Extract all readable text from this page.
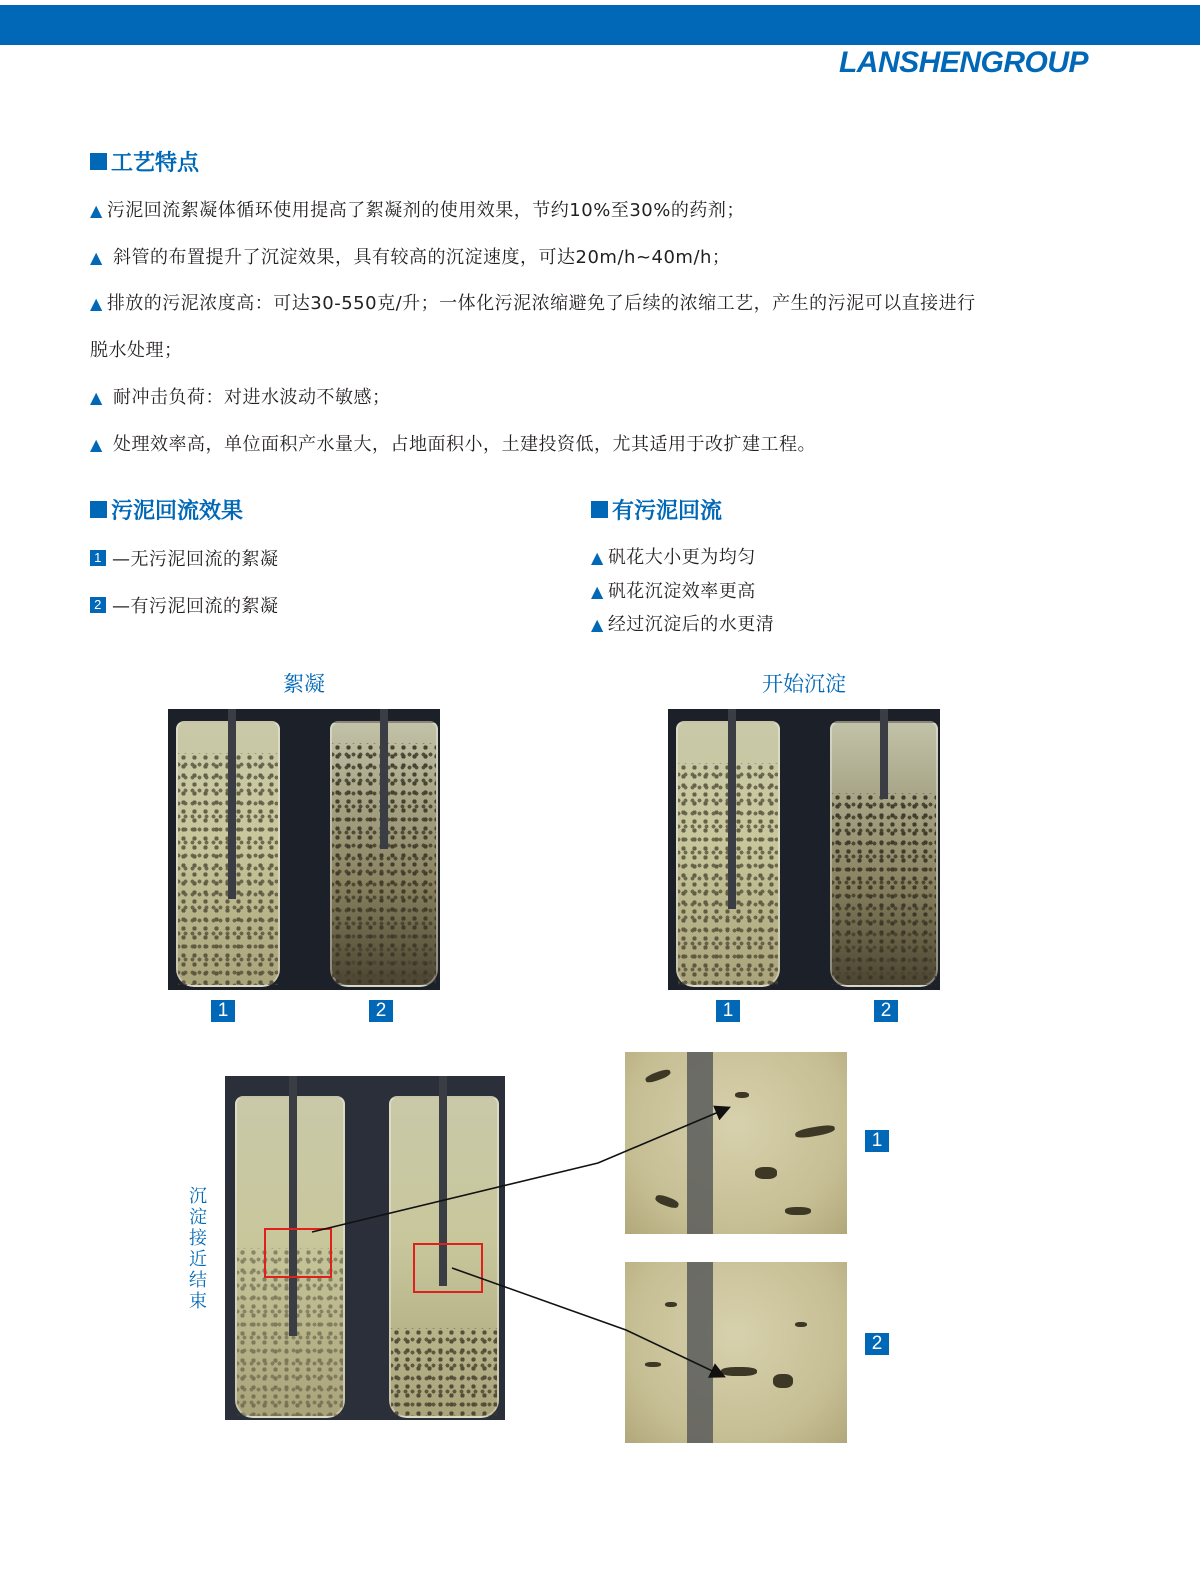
LANSHENGROUP
工艺特点
▲ 污泥回流絮凝体循环使用提高了絮凝剂的使用效果，节约10%至30%的药剂；
▲ 斜管的布置提升了沉淀效果，具有较高的沉淀速度，可达20m/h~40m/h；
▲ 排放的污泥浓度高：可达30-550克/升；一体化污泥浓缩避免了后续的浓缩工艺，产生的污泥可以直接进行
脱水处理；
▲ 耐冲击负荷：对进水波动不敏感；
▲ 处理效率高，单位面积产水量大，占地面积小，土建投资低，尤其适用于改扩建工程。
污泥回流效果
1 —无污泥回流的絮凝
2 —有污泥回流的絮凝
有污泥回流
▲ 矾花大小更为均匀
▲ 矾花沉淀效率更高
▲ 经过沉淀后的水更清
絮凝	开始沉淀
1	2	1	2
沉淀接近结束
1
2
